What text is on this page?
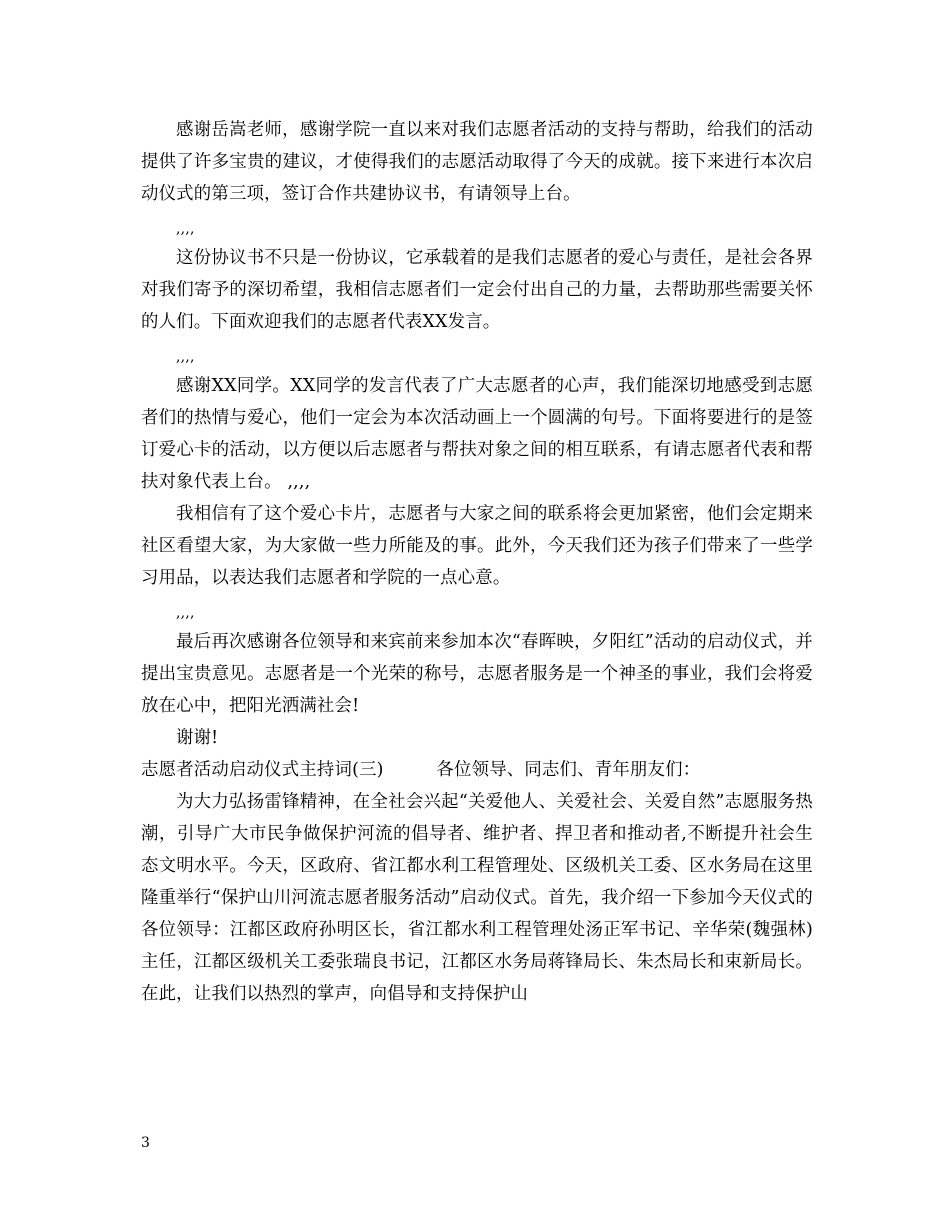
感谢岳嵩老师，感谢学院一直以来对我们志愿者活动的支持与帮助，给我们的活动提供了许多宝贵的建议，才使得我们的志愿活动取得了今天的成就。接下来进行本次启动仪式的第三项，签订合作共建协议书，有请领导上台。

,,,,

这份协议书不只是一份协议，它承载着的是我们志愿者的爱心与责任，是社会各界对我们寄予的深切希望，我相信志愿者们一定会付出自己的力量，去帮助那些需要关怀的人们。下面欢迎我们的志愿者代表XX发言。

,,,,

感谢XX同学。XX同学的发言代表了广大志愿者的心声，我们能深切地感受到志愿者们的热情与爱心，他们一定会为本次活动画上一个圆满的句号。下面将要进行的是签订爱心卡的活动，以方便以后志愿者与帮扶对象之间的相互联系，有请志愿者代表和帮扶对象代表上台。 ,,,,

我相信有了这个爱心卡片，志愿者与大家之间的联系将会更加紧密，他们会定期来社区看望大家，为大家做一些力所能及的事。此外，今天我们还为孩子们带来了一些学习用品，以表达我们志愿者和学院的一点心意。

,,,,

最后再次感谢各位领导和来宾前来参加本次“春晖映，夕阳红”活动的启动仪式，并提出宝贵意见。志愿者是一个光荣的称号，志愿者服务是一个神圣的事业，我们会将爱放在心中，把阳光洒满社会!

谢谢!

志愿者活动启动仪式主持词(三)　　　各位领导、同志们、青年朋友们：

为大力弘扬雷锋精神，在全社会兴起“关爱他人、关爱社会、关爱自然”志愿服务热潮，引导广大市民争做保护河流的倡导者、维护者、捍卫者和推动者,不断提升社会生态文明水平。今天，区政府、省江都水利工程管理处、区级机关工委、区水务局在这里隆重举行“保护山川河流志愿者服务活动”启动仪式。首先，我介绍一下参加今天仪式的各位领导：江都区政府孙明区长，省江都水利工程管理处汤正军书记、辛华荣(魏强林)主任，江都区级机关工委张瑞良书记，江都区水务局蒋锋局长、朱杰局长和束新局长。在此，让我们以热烈的掌声，向倡导和支持保护山

3
